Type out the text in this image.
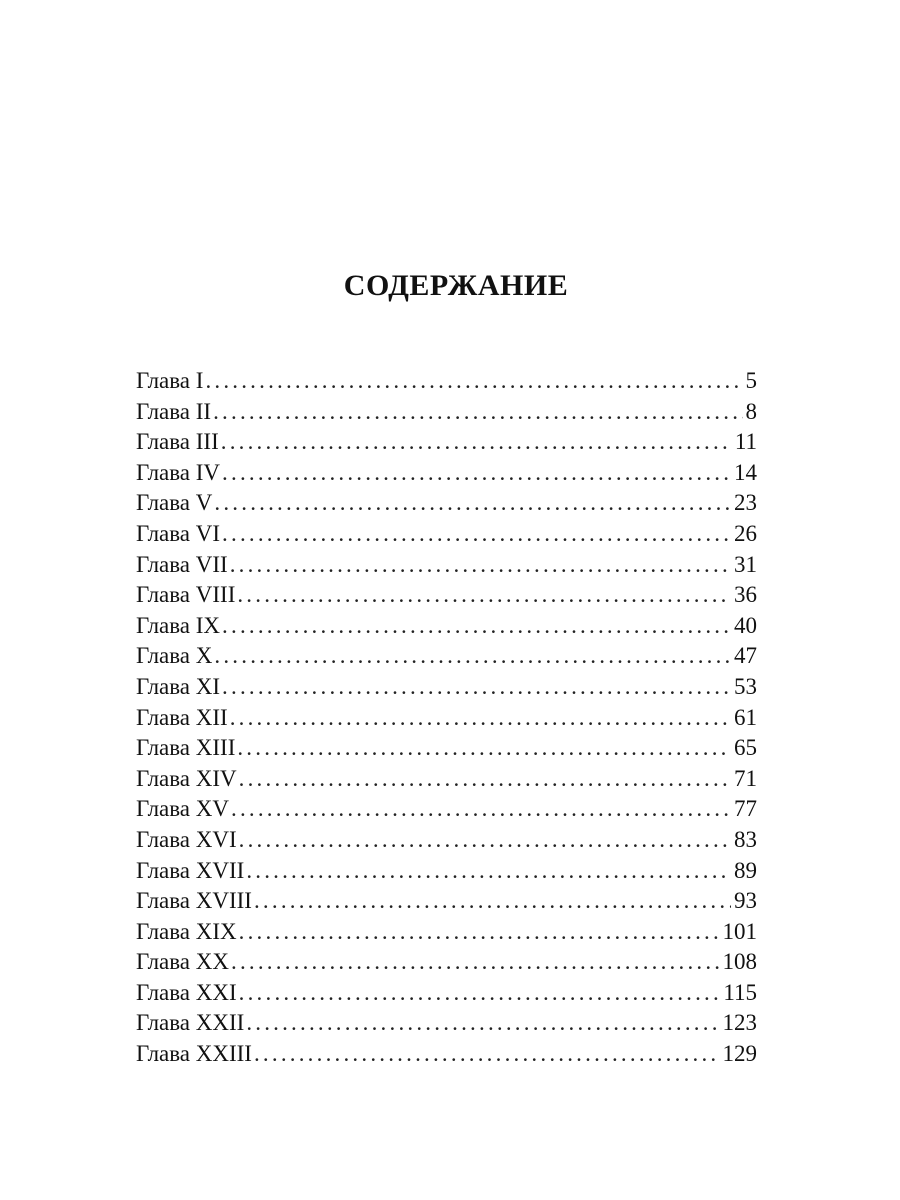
СОДЕРЖАНИЕ
Глава I .....	5
Глава II .....	8
Глава III .....	11
Глава IV .....	14
Глава V .....	23
Глава VI .....	26
Глава VII .....	31
Глава VIII .....	36
Глава IX .....	40
Глава X .....	47
Глава XI .....	53
Глава XII .....	61
Глава XIII .....	65
Глава XIV .....	71
Глава XV .....	77
Глава XVI .....	83
Глава XVII .....	89
Глава XVIII .....	93
Глава XIX .....	101
Глава XX .....	108
Глава XXI .....	115
Глава XXII .....	123
Глава XXIII .....	129
